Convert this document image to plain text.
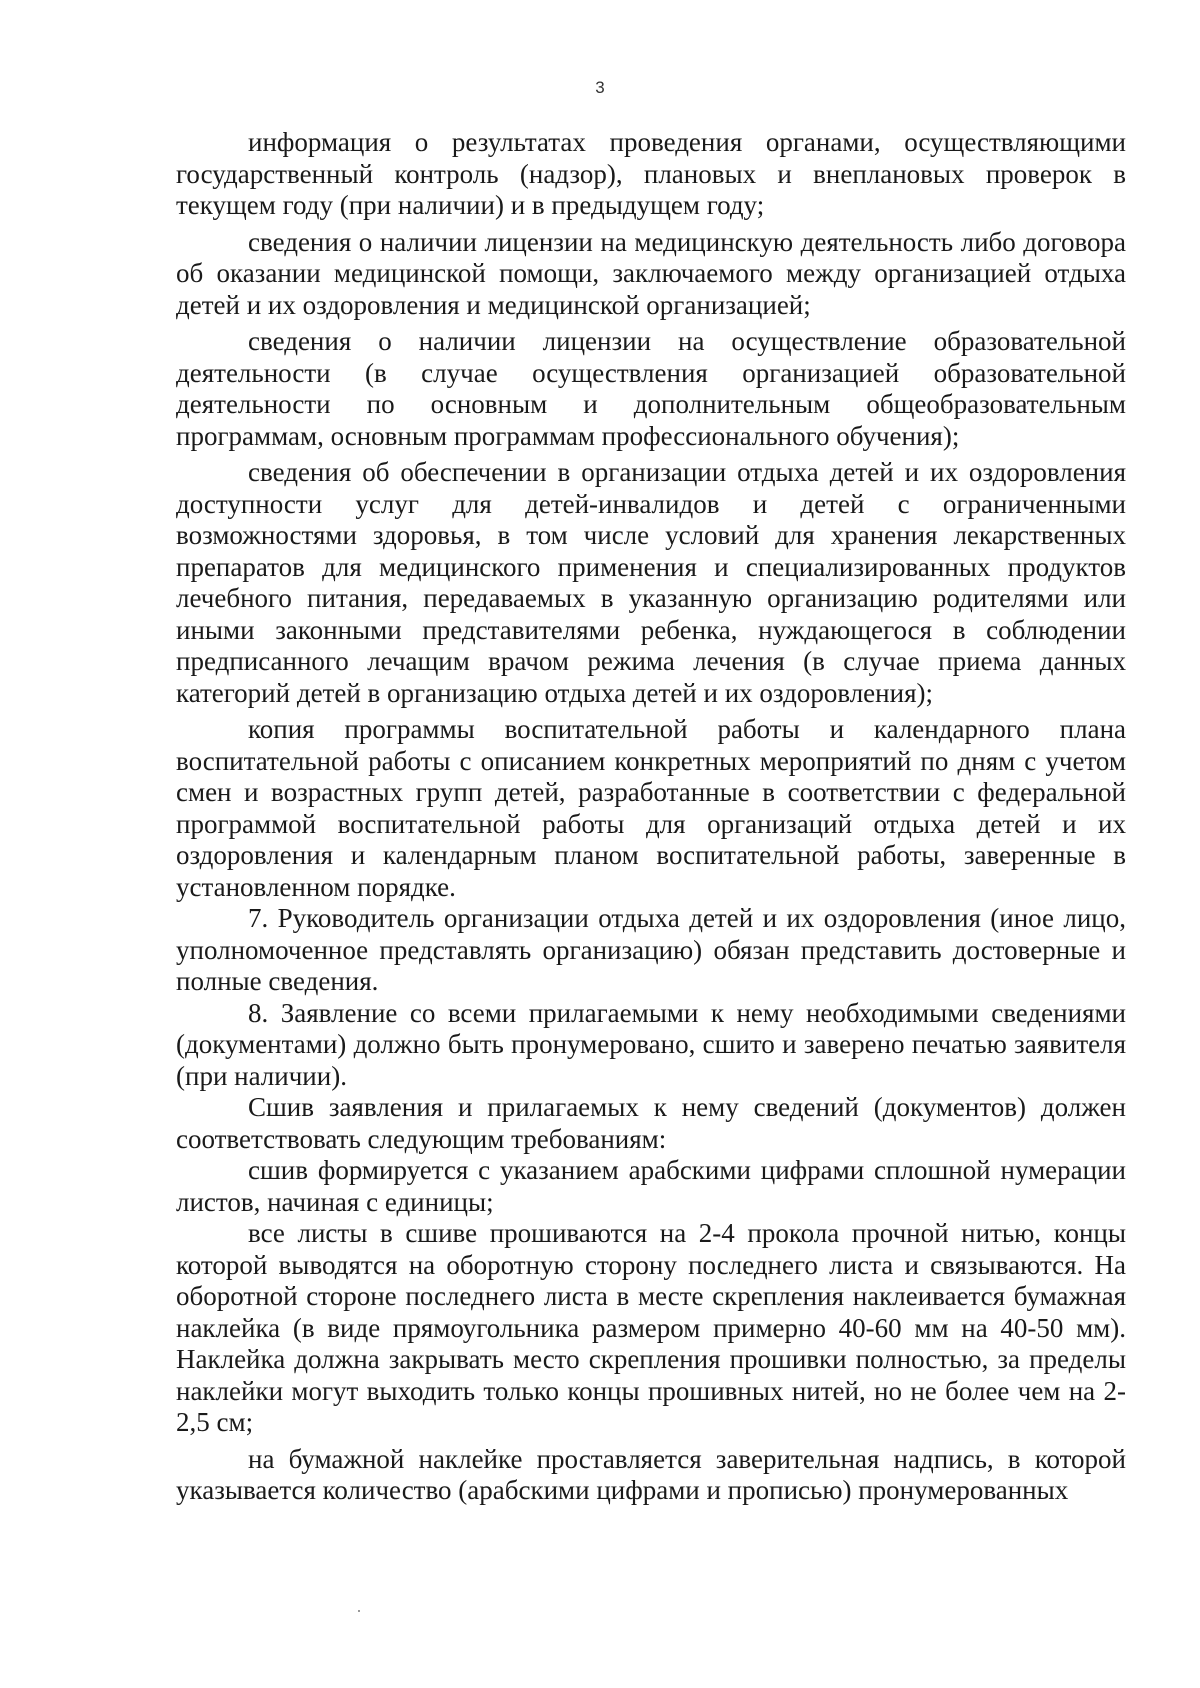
3

информация о результатах проведения органами, осуществляющими государственный контроль (надзор), плановых и внеплановых проверок в текущем году (при наличии) и в предыдущем году;

сведения о наличии лицензии на медицинскую деятельность либо договора об оказании медицинской помощи, заключаемого между организацией отдыха детей и их оздоровления и медицинской организацией;

сведения о наличии лицензии на осуществление образовательной деятельности (в случае осуществления организацией образовательной деятельности по основным и дополнительным общеобразовательным программам, основным программам профессионального обучения);

сведения об обеспечении в организации отдыха детей и их оздоровления доступности услуг для детей-инвалидов и детей с ограниченными возможностями здоровья, в том числе условий для хранения лекарственных препаратов для медицинского применения и специализированных продуктов лечебного питания, передаваемых в указанную организацию родителями или иными законными представителями ребенка, нуждающегося в соблюдении предписанного лечащим врачом режима лечения (в случае приема данных категорий детей в организацию отдыха детей и их оздоровления);

копия программы воспитательной работы и календарного плана воспитательной работы с описанием конкретных мероприятий по дням с учетом смен и возрастных групп детей, разработанные в соответствии с федеральной программой воспитательной работы для организаций отдыха детей и их оздоровления и календарным планом воспитательной работы, заверенные в установленном порядке.

7. Руководитель организации отдыха детей и их оздоровления (иное лицо, уполномоченное представлять организацию) обязан представить достоверные и полные сведения.

8. Заявление со всеми прилагаемыми к нему необходимыми сведениями (документами) должно быть пронумеровано, сшито и заверено печатью заявителя (при наличии).

Сшив заявления и прилагаемых к нему сведений (документов) должен соответствовать следующим требованиям:

сшив формируется с указанием арабскими цифрами сплошной нумерации листов, начиная с единицы;

все листы в сшиве прошиваются на 2-4 прокола прочной нитью, концы которой выводятся на оборотную сторону последнего листа и связываются. На оборотной стороне последнего листа в месте скрепления наклеивается бумажная наклейка (в виде прямоугольника размером примерно 40-60 мм на 40-50 мм). Наклейка должна закрывать место скрепления прошивки полностью, за пределы наклейки могут выходить только концы прошивных нитей, но не более чем на 2-2,5 см;

на бумажной наклейке проставляется заверительная надпись, в которой указывается количество (арабскими цифрами и прописью) пронумерованных
